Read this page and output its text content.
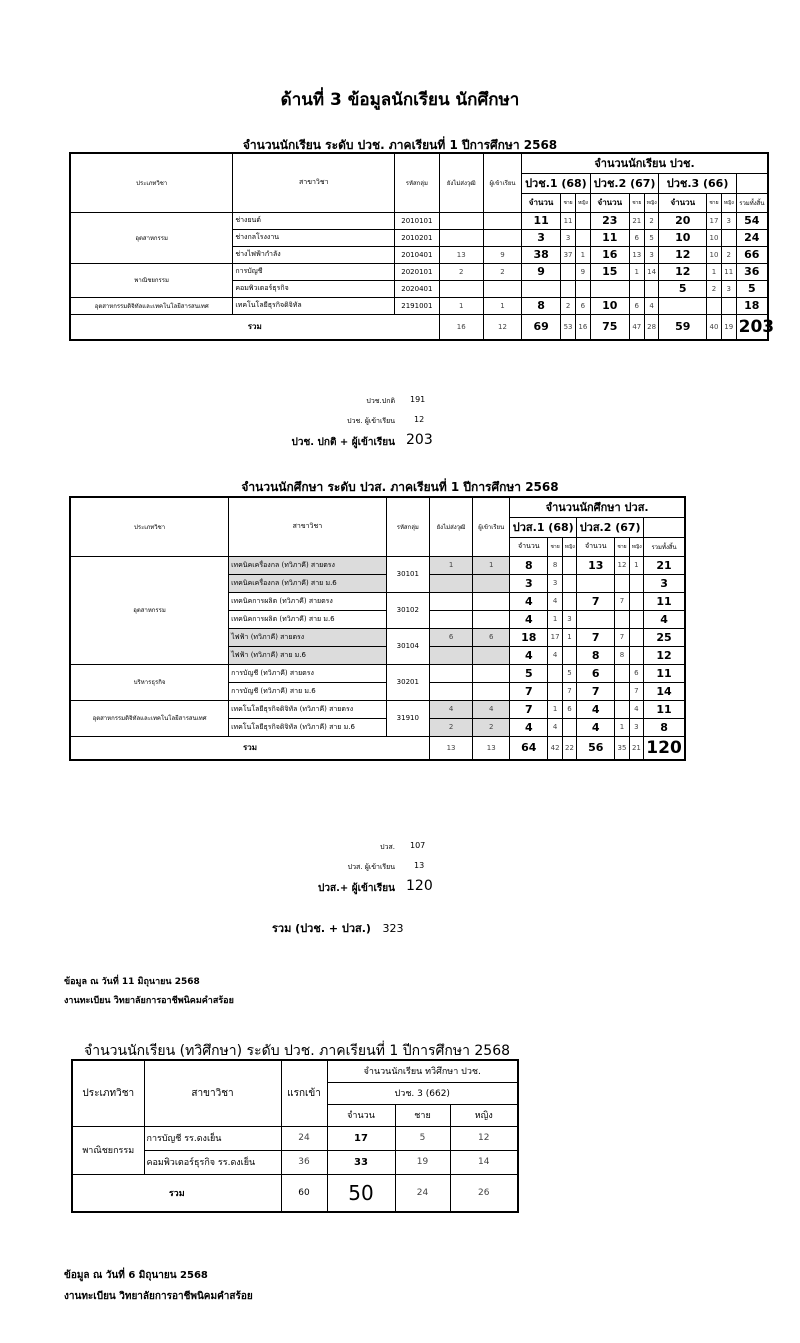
ด้านที่ 3 ข้อมูลนักเรียน นักศึกษา
จำนวนนักเรียน ระดับ ปวช. ภาคเรียนที่ 1 ปีการศึกษา 2568
ประเภทวิชา	สาขาวิชา	รหัสกลุ่ม	ยังไม่ส่งวุฒิ	ผู้เข้าเรียน	จำนวนนักเรียน ปวช.									
					ปวช.1 (68)			ปวช.2 (67)			ปวช.3 (66)			
					จำนวน	ชาย	หญิง	จำนวน	ชาย	หญิง	จำนวน	ชาย	หญิง	รวมทั้งสิ้น
อุตสาหกรรม	ช่างยนต์	2010101			11	11		23	21	2	20	17	3	54
	ช่างกลโรงงาน	2010201			3	3		11	6	5	10	10		24
	ช่างไฟฟ้ากำลัง	2010401	13	9	38	37	1	16	13	3	12	10	2	66
พาณิชยกรรม	การบัญชี	2020101	2	2	9		9	15	1	14	12	1	11	36
	คอมพิวเตอร์ธุรกิจ	2020401									5	2	3	5
อุตสาหกรรมดิจิทัลและเทคโนโลยีสารสนเทศ	เทคโนโลยีธุรกิจดิจิทัล	2191001	1	1	8	2	6	10	6	4				18
รวม			16	12	69	53	16	75	47	28	59	40	19	203
ปวช.ปกติ 191
ปวช. ผู้เข้าเรียน 12
ปวช. ปกติ + ผู้เข้าเรียน 203
จำนวนนักศึกษา ระดับ ปวส. ภาคเรียนที่ 1 ปีการศึกษา 2568
ประเภทวิชา	สาขาวิชา	รหัสกลุ่ม	ยังไม่ส่งวุฒิ	ผู้เข้าเรียน	จำนวนนักศึกษา ปวส.						
					ปวส.1 (68)			ปวส.2 (67)			
					จำนวน	ชาย	หญิง	จำนวน	ชาย	หญิง	รวมทั้งสิ้น
อุตสาหกรรม	เทคนิคเครื่องกล (ทวิภาคี) สายตรง	30101	1	1	8	8		13	12	1	21
	เทคนิคเครื่องกล (ทวิภาคี) สาย ม.6				3	3					3
	เทคนิคการผลิต (ทวิภาคี) สายตรง	30102			4	4		7	7		11
	เทคนิคการผลิต (ทวิภาคี) สาย ม.6				4	1	3				4
	ไฟฟ้า (ทวิภาคี) สายตรง	30104	6	6	18	17	1	7	7		25
	ไฟฟ้า (ทวิภาคี) สาย ม.6				4	4		8	8		12
บริหารธุรกิจ	การบัญชี (ทวิภาคี) สายตรง	30201			5		5	6		6	11
	การบัญชี (ทวิภาคี) สาย ม.6				7		7	7		7	14
อุตสาหกรรมดิจิทัลและเทคโนโลยีสารสนเทศ	เทคโนโลยีธุรกิจดิจิทัล (ทวิภาคี) สายตรง	31910	4	4	7	1	6	4		4	11
	เทคโนโลยีธุรกิจดิจิทัล (ทวิภาคี) สาย ม.6		2	2	4	4		4	1	3	8
รวม			13	13	64	42	22	56	35	21	120
ปวส. 107
ปวส. ผู้เข้าเรียน 13
ปวส.+ ผู้เข้าเรียน 120
รวม (ปวช. + ปวส.) 323
ข้อมูล ณ วันที่ 11 มิถุนายน 2568
งานทะเบียน วิทยาลัยการอาชีพนิคมคำสร้อย
จำนวนนักเรียน (ทวิศึกษา) ระดับ ปวช. ภาคเรียนที่ 1 ปีการศึกษา 2568
ประเภทวิชา	สาขาวิชา	แรกเข้า	จำนวนนักเรียน ทวิศึกษา ปวช.		
			ปวช. 3 (662)		
			จำนวน	ชาย	หญิง
พาณิชยกรรม	การบัญชี รร.ดงเย็น	24	17	5	12
	คอมพิวเตอร์ธุรกิจ รร.ดงเย็น	36	33	19	14
รวม		60	50	24	26
ข้อมูล ณ วันที่ 6 มิถุนายน 2568
งานทะเบียน วิทยาลัยการอาชีพนิคมคำสร้อย
